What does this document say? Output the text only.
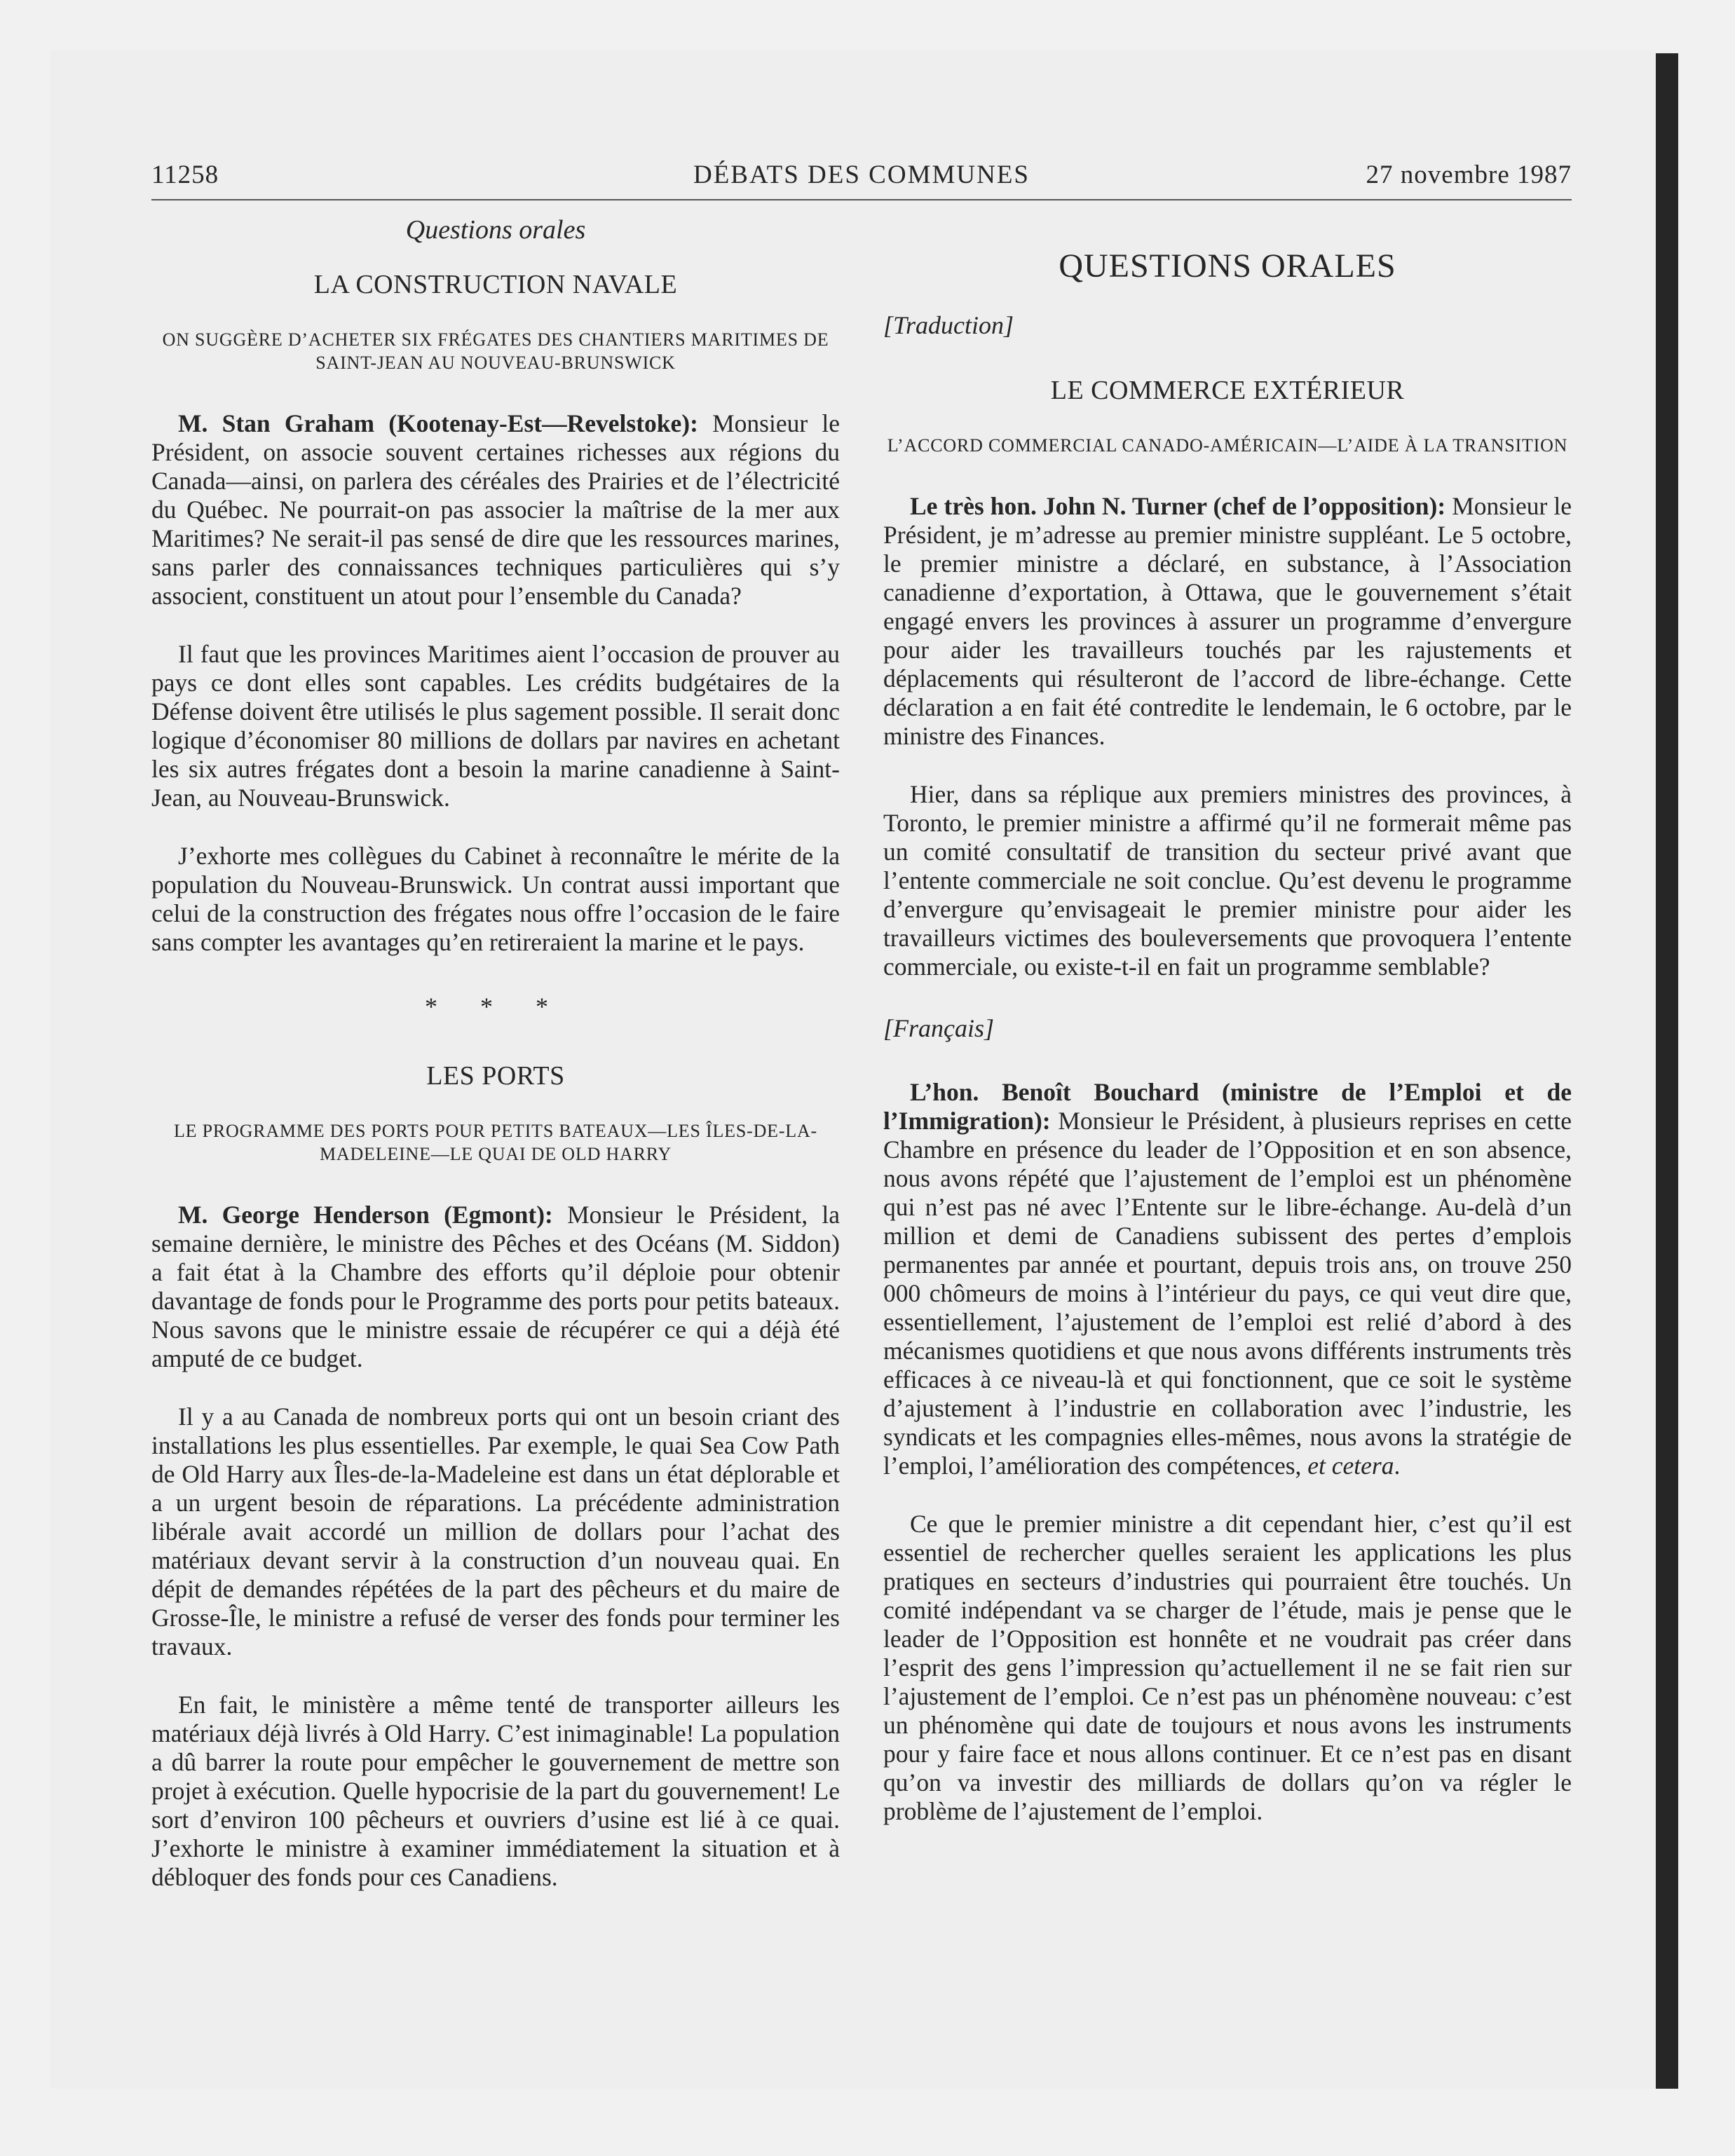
11258	DÉBATS DES COMMUNES	27 novembre 1987
Questions orales
LA CONSTRUCTION NAVALE
ON SUGGÈRE D’ACHETER SIX FRÉGATES DES CHANTIERS MARITIMES DE SAINT-JEAN AU NOUVEAU-BRUNSWICK

M. Stan Graham (Kootenay-Est—Revelstoke): Monsieur le Président, on associe souvent certaines richesses aux régions du Canada—ainsi, on parlera des céréales des Prairies et de l’électricité du Québec. Ne pourrait-on pas associer la maîtrise de la mer aux Maritimes? Ne serait-il pas sensé de dire que les ressources marines, sans parler des connaissances techniques particulières qui s’y associent, constituent un atout pour l’ensemble du Canada?

Il faut que les provinces Maritimes aient l’occasion de prouver au pays ce dont elles sont capables. Les crédits budgétaires de la Défense doivent être utilisés le plus sagement possible. Il serait donc logique d’économiser 80 millions de dollars par navires en achetant les six autres frégates dont a besoin la marine canadienne à Saint-Jean, au Nouveau-Brunswick.

J’exhorte mes collègues du Cabinet à reconnaître le mérite de la population du Nouveau-Brunswick. Un contrat aussi important que celui de la construction des frégates nous offre l’occasion de le faire sans compter les avantages qu’en retireraient la marine et le pays.

* * *
LES PORTS
LE PROGRAMME DES PORTS POUR PETITS BATEAUX—LES ÎLES-DE-LA-MADELEINE—LE QUAI DE OLD HARRY

M. George Henderson (Egmont): Monsieur le Président, la semaine dernière, le ministre des Pêches et des Océans (M. Siddon) a fait état à la Chambre des efforts qu’il déploie pour obtenir davantage de fonds pour le Programme des ports pour petits bateaux. Nous savons que le ministre essaie de récupérer ce qui a déjà été amputé de ce budget.

Il y a au Canada de nombreux ports qui ont un besoin criant des installations les plus essentielles. Par exemple, le quai Sea Cow Path de Old Harry aux Îles-de-la-Madeleine est dans un état déplorable et a un urgent besoin de réparations. La précédente administration libérale avait accordé un million de dollars pour l’achat des matériaux devant servir à la construction d’un nouveau quai. En dépit de demandes répétées de la part des pêcheurs et du maire de Grosse-Île, le ministre a refusé de verser des fonds pour terminer les travaux.

En fait, le ministère a même tenté de transporter ailleurs les matériaux déjà livrés à Old Harry. C’est inimaginable! La population a dû barrer la route pour empêcher le gouvernement de mettre son projet à exécution. Quelle hypocrisie de la part du gouvernement! Le sort d’environ 100 pêcheurs et ouvriers d’usine est lié à ce quai. J’exhorte le ministre à examiner immédiatement la situation et à débloquer des fonds pour ces Canadiens.

QUESTIONS ORALES
[Traduction]
LE COMMERCE EXTÉRIEUR
L’ACCORD COMMERCIAL CANADO-AMÉRICAIN—L’AIDE À LA TRANSITION

Le très hon. John N. Turner (chef de l’opposition): Monsieur le Président, je m’adresse au premier ministre suppléant. Le 5 octobre, le premier ministre a déclaré, en substance, à l’Association canadienne d’exportation, à Ottawa, que le gouvernement s’était engagé envers les provinces à assurer un programme d’envergure pour aider les travailleurs touchés par les rajustements et déplacements qui résulteront de l’accord de libre-échange. Cette déclaration a en fait été contredite le lendemain, le 6 octobre, par le ministre des Finances.

Hier, dans sa réplique aux premiers ministres des provinces, à Toronto, le premier ministre a affirmé qu’il ne formerait même pas un comité consultatif de transition du secteur privé avant que l’entente commerciale ne soit conclue. Qu’est devenu le programme d’envergure qu’envisageait le premier ministre pour aider les travailleurs victimes des bouleversements que provoquera l’entente commerciale, ou existe-t-il en fait un programme semblable?

[Français]

L’hon. Benoît Bouchard (ministre de l’Emploi et de l’Immigration): Monsieur le Président, à plusieurs reprises en cette Chambre en présence du leader de l’Opposition et en son absence, nous avons répété que l’ajustement de l’emploi est un phénomène qui n’est pas né avec l’Entente sur le libre-échange. Au-delà d’un million et demi de Canadiens subissent des pertes d’emplois permanentes par année et pourtant, depuis trois ans, on trouve 250 000 chômeurs de moins à l’intérieur du pays, ce qui veut dire que, essentiellement, l’ajustement de l’emploi est relié d’abord à des mécanismes quotidiens et que nous avons différents instruments très efficaces à ce niveau-là et qui fonctionnent, que ce soit le système d’ajustement à l’industrie en collaboration avec l’industrie, les syndicats et les compagnies elles-mêmes, nous avons la stratégie de l’emploi, l’amélioration des compétences, et cetera.

Ce que le premier ministre a dit cependant hier, c’est qu’il est essentiel de rechercher quelles seraient les applications les plus pratiques en secteurs d’industries qui pourraient être touchés. Un comité indépendant va se charger de l’étude, mais je pense que le leader de l’Opposition est honnête et ne voudrait pas créer dans l’esprit des gens l’impression qu’actuellement il ne se fait rien sur l’ajustement de l’emploi. Ce n’est pas un phénomène nouveau: c’est un phénomène qui date de toujours et nous avons les instruments pour y faire face et nous allons continuer. Et ce n’est pas en disant qu’on va investir des milliards de dollars qu’on va régler le problème de l’ajustement de l’emploi.
